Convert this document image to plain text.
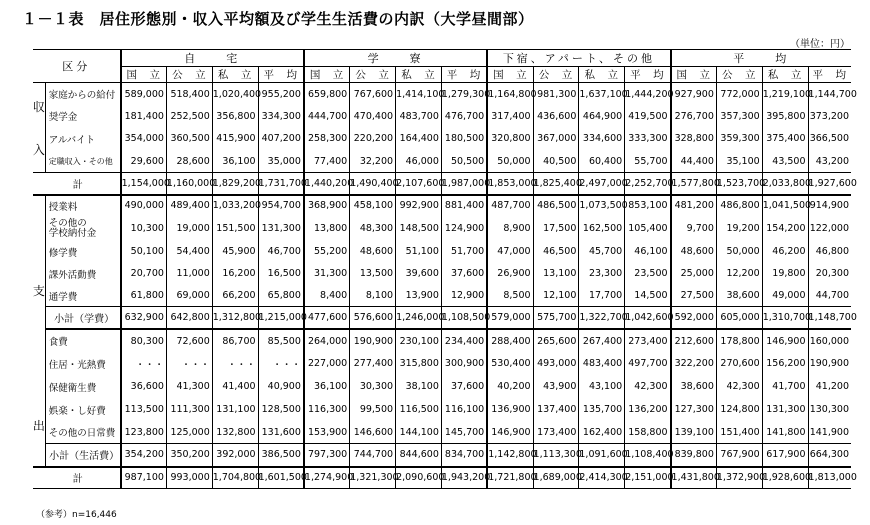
１－１表　居住形態別・収入平均額及び学生生活費の内訳（大学昼間部）
（単位：円）
区分		自　　宅				学　　寮				下宿、アパート、その他				平　　均			
		国　立	公　立	私　立	平　均	国　立	公　立	私　立	平　均	国　立	公　立	私　立	平　均	国　立	公　立	私　立	平　均

収
入	家庭からの給付	589,000	518,400	1,020,400	955,200	659,800	767,600	1,414,100	1,279,300	1,164,800	981,300	1,637,100	1,444,200	927,900	772,000	1,219,100	1,144,700
	奨学金	181,400	252,500	356,800	334,300	444,700	470,400	483,700	476,700	317,400	436,600	464,900	419,500	276,700	357,300	395,800	373,200
	アルバイト	354,000	360,500	415,900	407,200	258,300	220,200	164,400	180,500	320,800	367,000	334,600	333,300	328,800	359,300	375,400	366,500
	定職収入・その他	29,600	28,600	36,100	35,000	77,400	32,200	46,000	50,500	50,000	40,500	60,400	55,700	44,400	35,100	43,500	43,200
計		1,154,000	1,160,000	1,829,200	1,731,700	1,440,200	1,490,400	2,107,600	1,987,000	1,853,000	1,825,400	2,497,000	2,252,700	1,577,800	1,523,700	2,033,800	1,927,600

支
出	授業料	490,000	489,400	1,033,200	954,700	368,900	458,100	992,900	881,400	487,700	486,500	1,073,500	853,100	481,200	486,800	1,041,500	914,900

	その他の
学校納付金	10,300	19,000	151,500	131,300	13,800	48,300	148,500	124,900	8,900	17,500	162,500	105,400	9,700	19,200	154,200	122,000
	修学費	50,100	54,400	45,900	46,700	55,200	48,600	51,100	51,700	47,000	46,500	45,700	46,100	48,600	50,000	46,200	46,800
	課外活動費	20,700	11,000	16,200	16,500	31,300	13,500	39,600	37,600	26,900	13,100	23,300	23,500	25,000	12,200	19,800	20,300
	通学費	61,800	69,000	66,200	65,800	8,400	8,100	13,900	12,900	8,500	12,100	17,700	14,500	27,500	38,600	49,000	44,700
	小計（学費）	632,900	642,800	1,312,800	1,215,000	477,600	576,600	1,246,000	1,108,500	579,000	575,700	1,322,700	1,042,600	592,000	605,000	1,310,700	1,148,700
	食費	80,300	72,600	86,700	85,500	264,000	190,900	230,100	234,400	288,400	265,600	267,400	273,400	212,600	178,800	146,900	160,000
	住居・光熱費	・・・	・・・	・・・	・・・	227,000	277,400	315,800	300,900	530,400	493,000	483,400	497,700	322,200	270,600	156,200	190,900
	保健衛生費	36,600	41,300	41,400	40,900	36,100	30,300	38,100	37,600	40,200	43,900	43,100	42,300	38,600	42,300	41,700	41,200
	娯楽・し好費	113,500	111,300	131,100	128,500	116,300	99,500	116,500	116,100	136,900	137,400	135,700	136,200	127,300	124,800	131,300	130,300
	その他の日常費	123,800	125,000	132,800	131,600	153,900	146,600	144,100	145,700	146,900	173,400	162,400	158,800	139,100	151,400	141,800	141,900
	小計（生活費）	354,200	350,200	392,000	386,500	797,300	744,700	844,600	834,700	1,142,800	1,113,300	1,091,600	1,108,400	839,800	767,900	617,900	664,300
計		987,100	993,000	1,704,800	1,601,500	1,274,900	1,321,300	2,090,600	1,943,200	1,721,800	1,689,000	2,414,300	2,151,000	1,431,800	1,372,900	1,928,600	1,813,000
（参考）n=16,446
